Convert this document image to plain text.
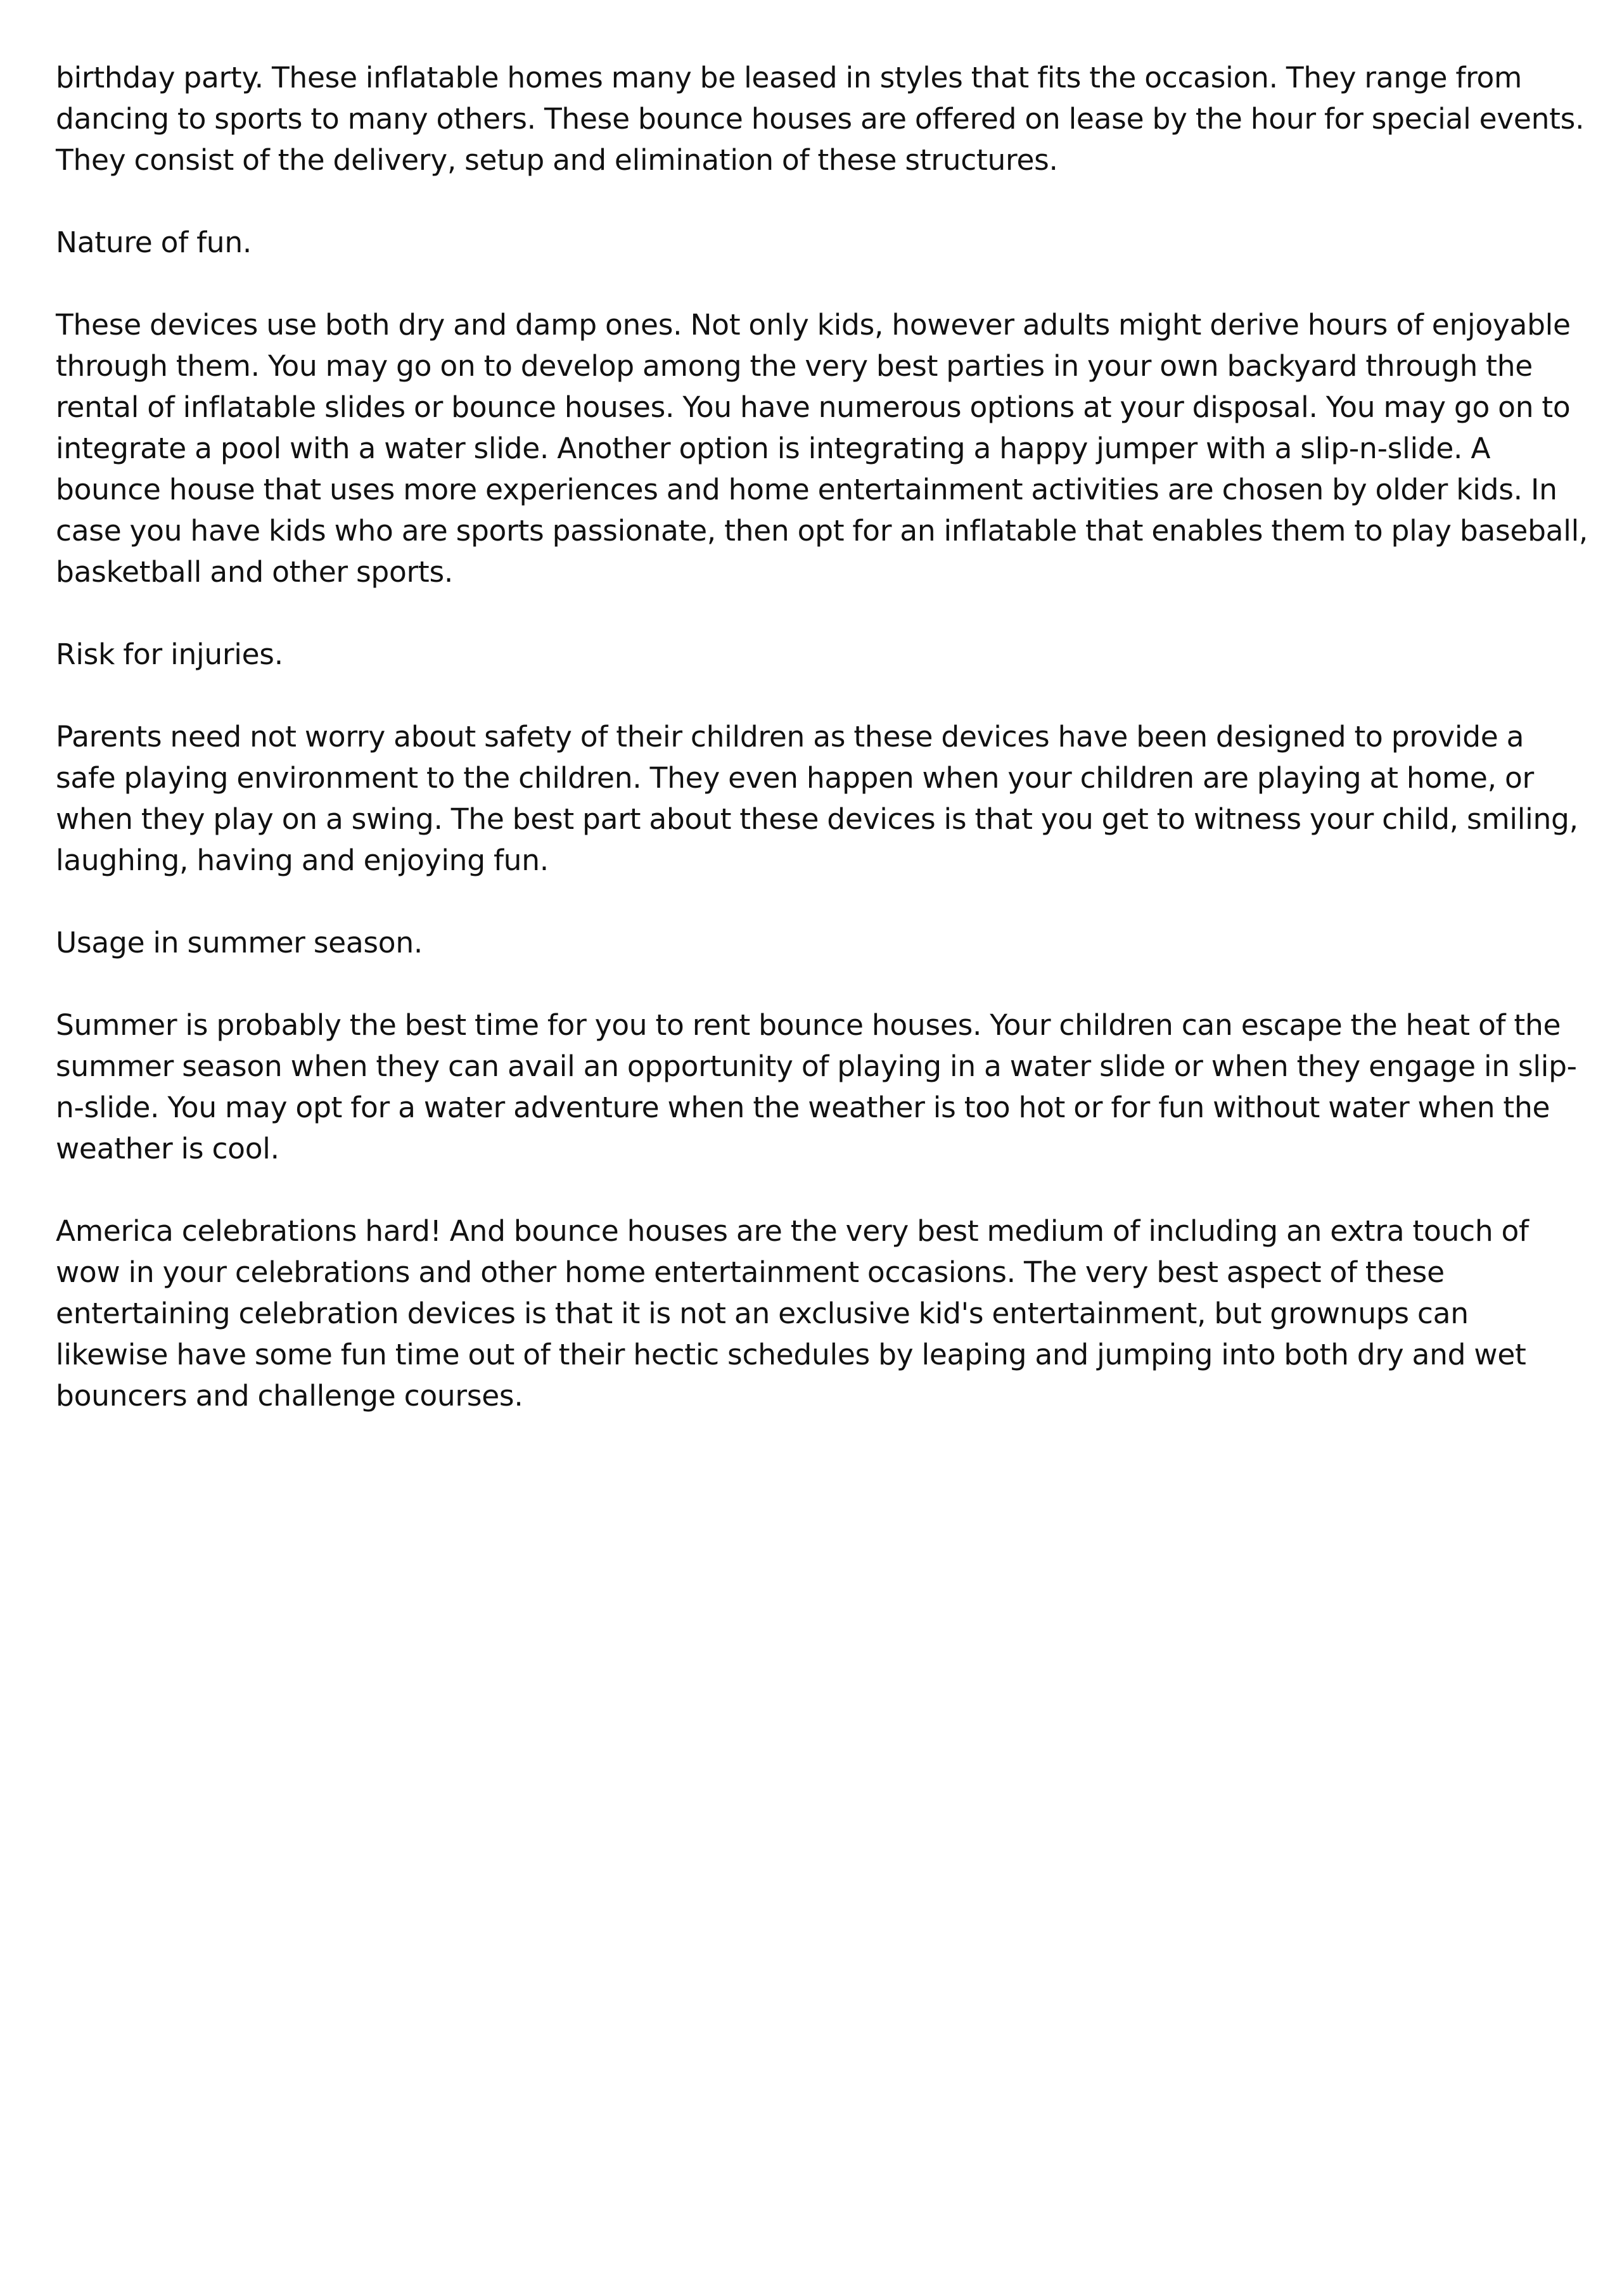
birthday party. These inflatable homes many be leased in styles that fits the occasion. They range from dancing to sports to many others. These bounce houses are offered on lease by the hour for special events. They consist of the delivery, setup and elimination of these structures.

Nature of fun.

These devices use both dry and damp ones. Not only kids, however adults might derive hours of enjoyable through them. You may go on to develop among the very best parties in your own backyard through the rental of inflatable slides or bounce houses. You have numerous options at your disposal. You may go on to integrate a pool with a water slide. Another option is integrating a happy jumper with a slip-n-slide. A bounce house that uses more experiences and home entertainment activities are chosen by older kids. In case you have kids who are sports passionate, then opt for an inflatable that enables them to play baseball, basketball and other sports.

Risk for injuries.

Parents need not worry about safety of their children as these devices have been designed to provide a safe playing environment to the children. They even happen when your children are playing at home, or when they play on a swing. The best part about these devices is that you get to witness your child, smiling, laughing, having and enjoying fun.

Usage in summer season.

Summer is probably the best time for you to rent bounce houses. Your children can escape the heat of the summer season when they can avail an opportunity of playing in a water slide or when they engage in slip-n-slide. You may opt for a water adventure when the weather is too hot or for fun without water when the weather is cool.

America celebrations hard! And bounce houses are the very best medium of including an extra touch of wow in your celebrations and other home entertainment occasions. The very best aspect of these entertaining celebration devices is that it is not an exclusive kid's entertainment, but grownups can likewise have some fun time out of their hectic schedules by leaping and jumping into both dry and wet bouncers and challenge courses.
